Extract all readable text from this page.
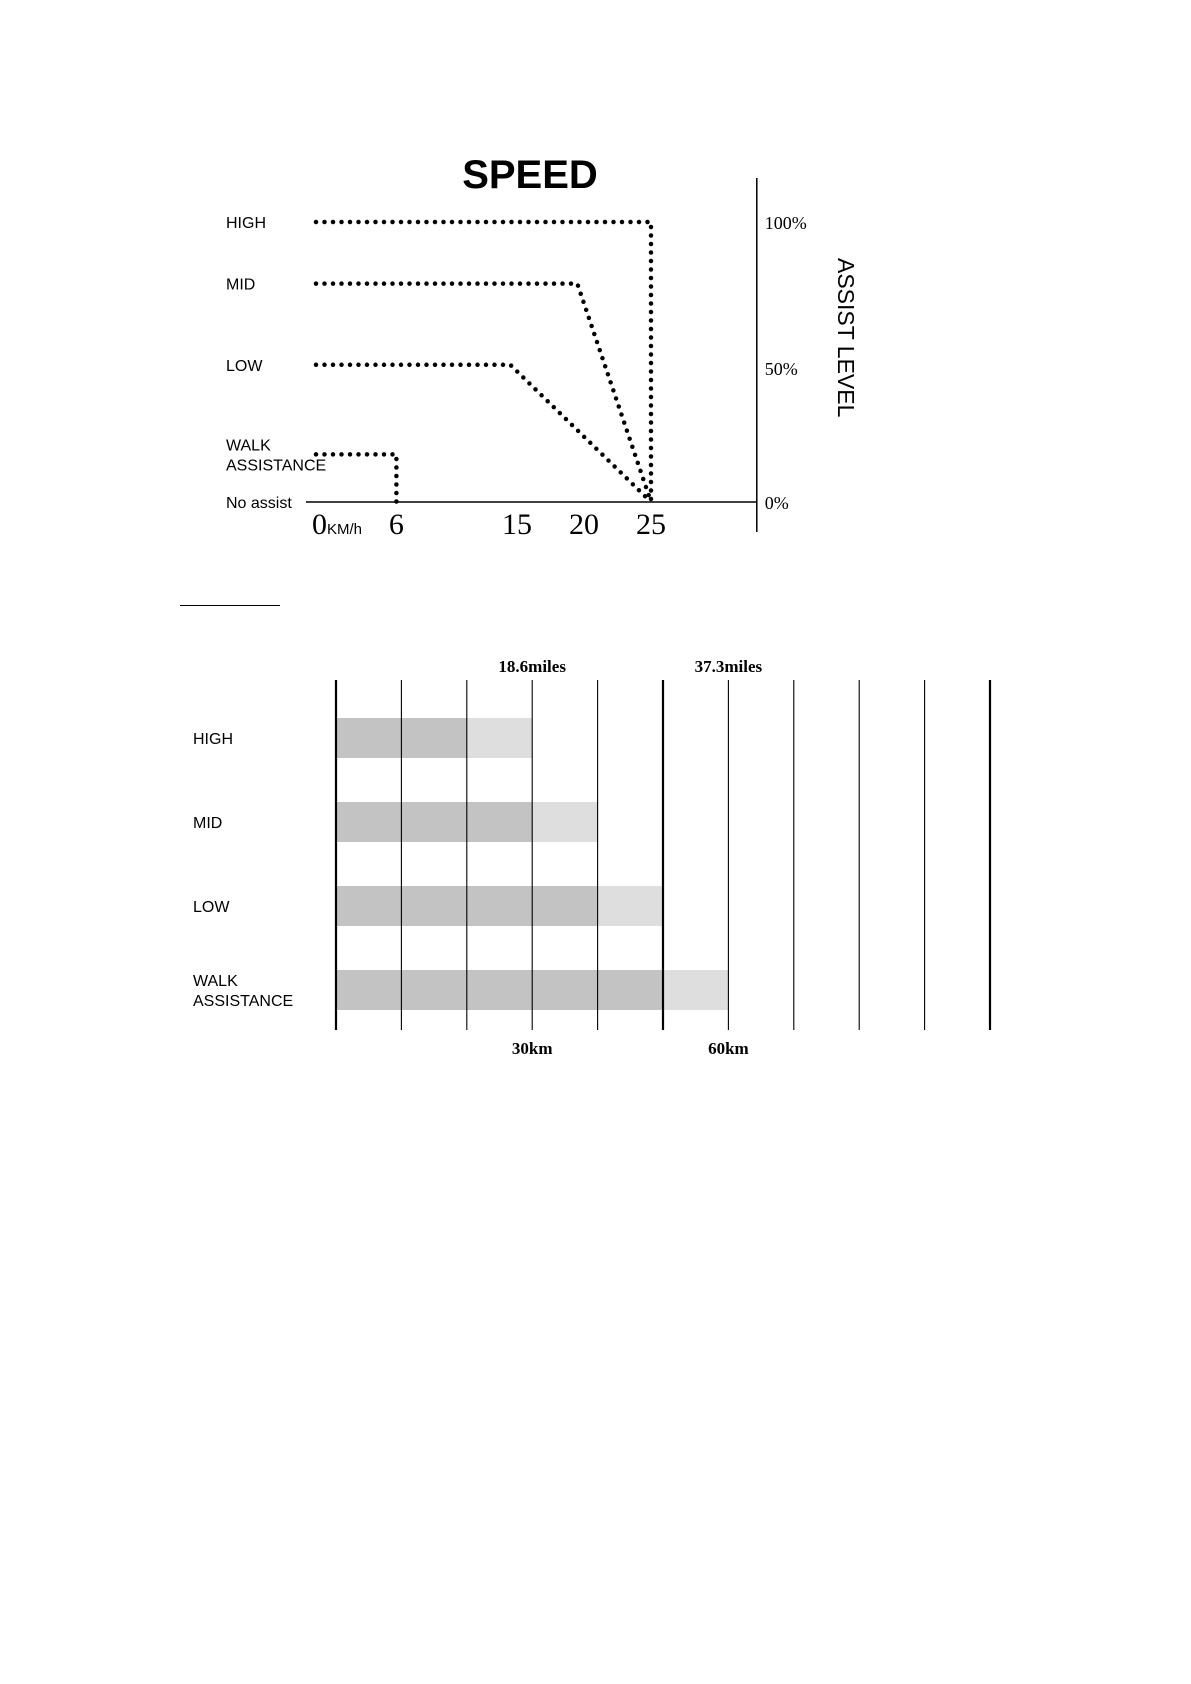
SPEED
HIGH
MID
LOW
WALK ASSISTANCE
No assist
0KM/h 6	15 20 25
100%
50%
0%
ASSIST LEVEL
HIGH
MID
LOW
WALK ASSISTANCE
18.6miles	37.3miles
30km	60km
